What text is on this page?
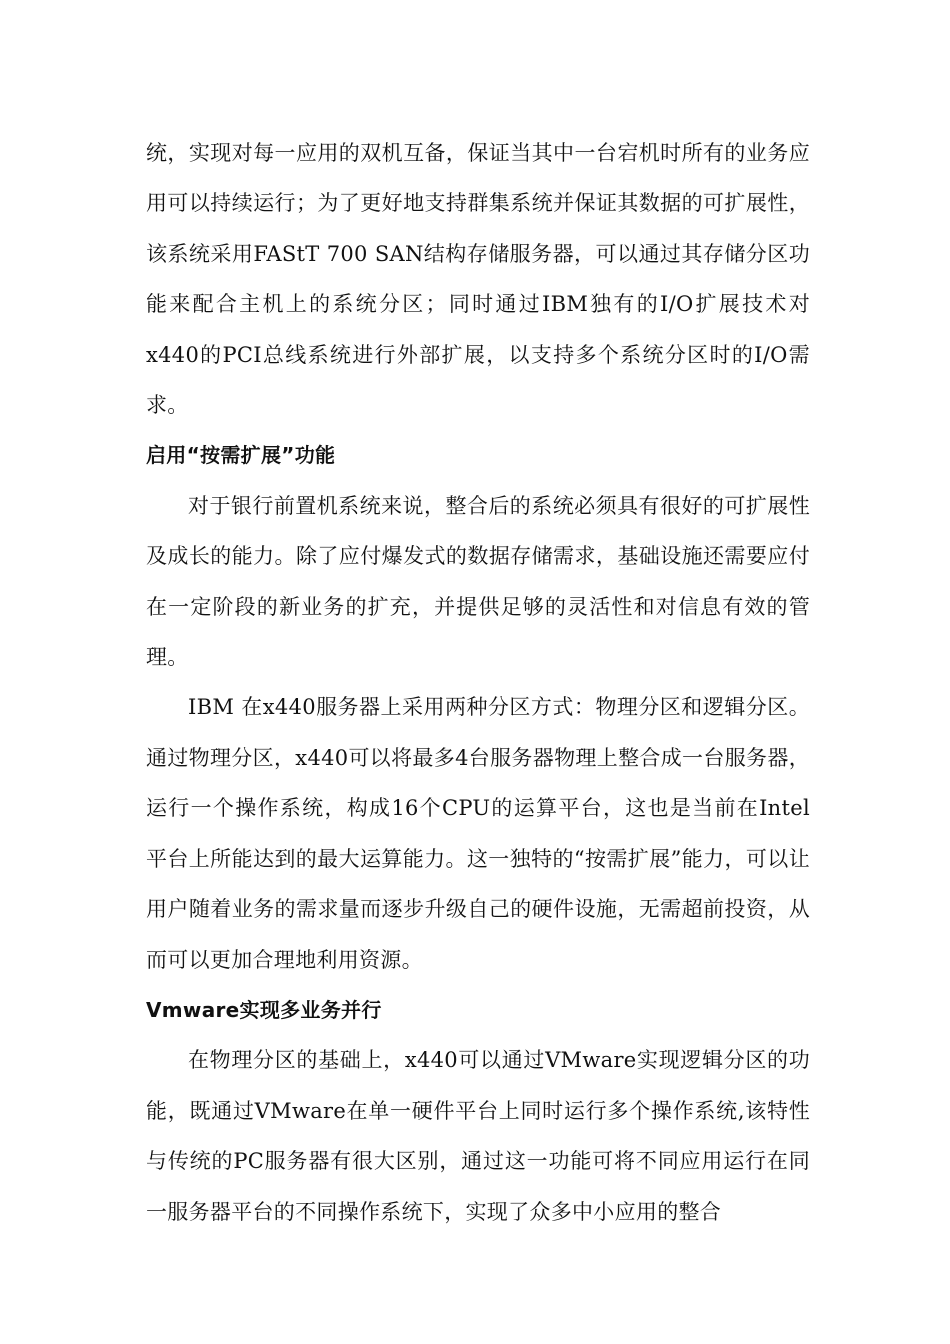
统，实现对每一应用的双机互备，保证当其中一台宕机时所有的业务应用可以持续运行；为了更好地支持群集系统并保证其数据的可扩展性，该系统采用FAStT 700 SAN结构存储服务器，可以通过其存储分区功能来配合主机上的系统分区；同时通过IBM独有的I/O扩展技术对x440的PCI总线系统进行外部扩展，以支持多个系统分区时的I/O需求。

启用“按需扩展”功能

对于银行前置机系统来说，整合后的系统必须具有很好的可扩展性及成长的能力。除了应付爆发式的数据存储需求，基础设施还需要应付在一定阶段的新业务的扩充，并提供足够的灵活性和对信息有效的管理。

IBM 在x440服务器上采用两种分区方式：物理分区和逻辑分区。通过物理分区，x440可以将最多4台服务器物理上整合成一台服务器，运行一个操作系统，构成16个CPU的运算平台，这也是当前在Intel 平台上所能达到的最大运算能力。这一独特的“按需扩展”能力，可以让用户随着业务的需求量而逐步升级自己的硬件设施，无需超前投资，从而可以更加合理地利用资源。

Vmware实现多业务并行

在物理分区的基础上，x440可以通过VMware实现逻辑分区的功能，既通过VMware在单一硬件平台上同时运行多个操作系统,该特性与传统的PC服务器有很大区别，通过这一功能可将不同应用运行在同一服务器平台的不同操作系统下，实现了众多中小应用的整合
